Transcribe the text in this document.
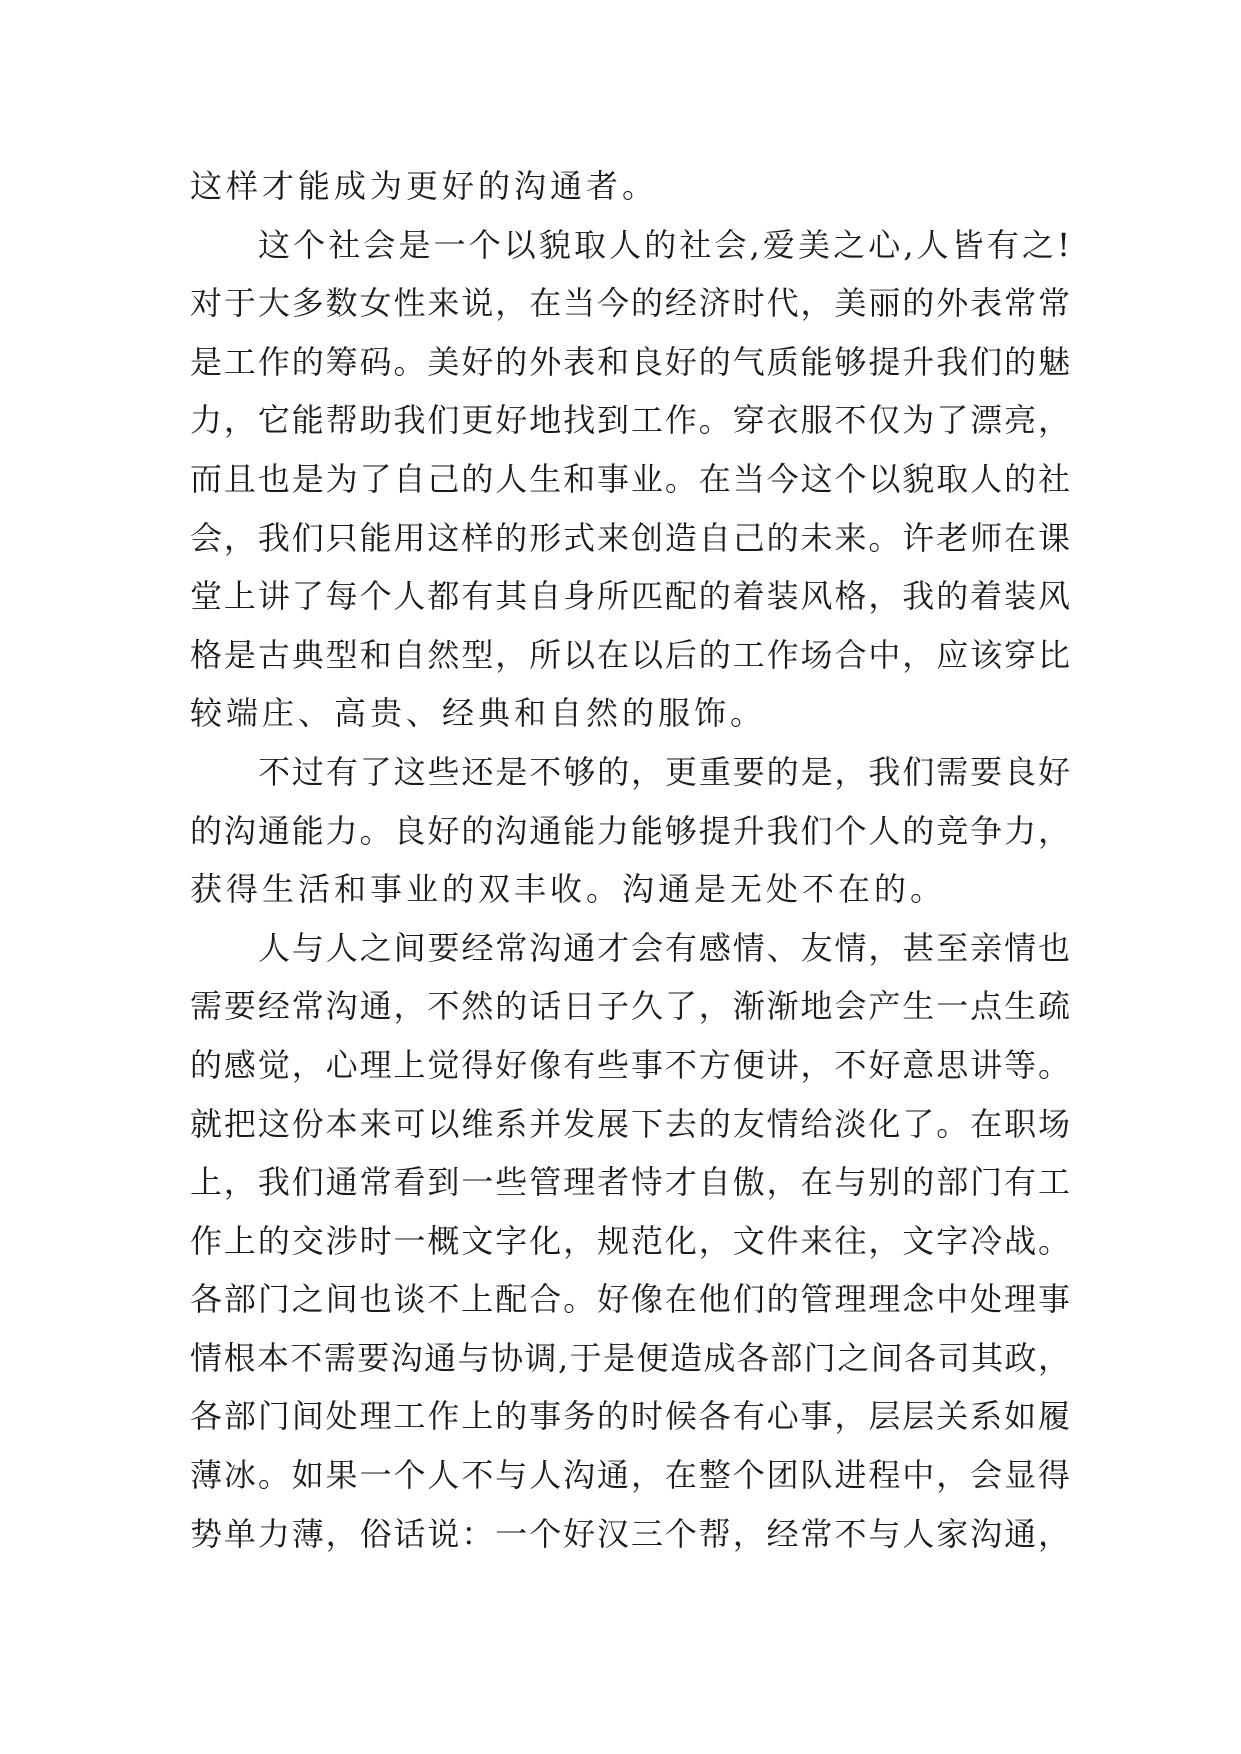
这样才能成为更好的沟通者。
这个社会是一个以貌取人的社会,爱美之心,人皆有之!
对于大多数女性来说，在当今的经济时代，美丽的外表常常
是工作的筹码。美好的外表和良好的气质能够提升我们的魅
力，它能帮助我们更好地找到工作。穿衣服不仅为了漂亮，
而且也是为了自己的人生和事业。在当今这个以貌取人的社
会，我们只能用这样的形式来创造自己的未来。许老师在课
堂上讲了每个人都有其自身所匹配的着装风格，我的着装风
格是古典型和自然型，所以在以后的工作场合中，应该穿比
较端庄、高贵、经典和自然的服饰。
不过有了这些还是不够的，更重要的是，我们需要良好
的沟通能力。良好的沟通能力能够提升我们个人的竞争力，
获得生活和事业的双丰收。沟通是无处不在的。
人与人之间要经常沟通才会有感情、友情，甚至亲情也
需要经常沟通，不然的话日子久了，渐渐地会产生一点生疏
的感觉，心理上觉得好像有些事不方便讲，不好意思讲等。
就把这份本来可以维系并发展下去的友情给淡化了。在职场
上，我们通常看到一些管理者恃才自傲，在与别的部门有工
作上的交涉时一概文字化，规范化，文件来往，文字冷战。
各部门之间也谈不上配合。好像在他们的管理理念中处理事
情根本不需要沟通与协调,于是便造成各部门之间各司其政，
各部门间处理工作上的事务的时候各有心事，层层关系如履
薄冰。如果一个人不与人沟通，在整个团队进程中，会显得
势单力薄，俗话说：一个好汉三个帮，经常不与人家沟通，
